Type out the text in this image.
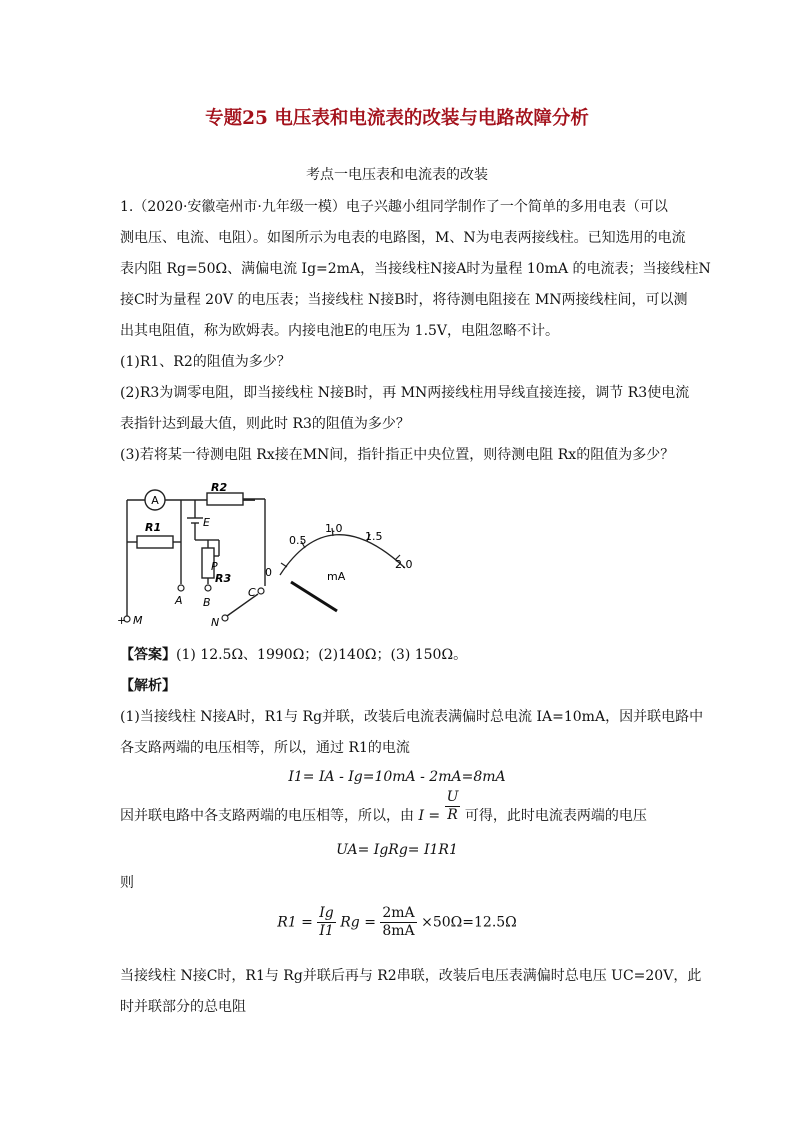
专题25 电压表和电流表的改装与电路故障分析
考点一电压表和电流表的改装
1.（2020·安徽亳州市·九年级一模）电子兴趣小组同学制作了一个简单的多用电表（可以
测电压、电流、电阻）。如图所示为电表的电路图，M、N为电表两接线柱。已知选用的电流
表内阻 Rg=50Ω、满偏电流 Ig=2mA，当接线柱N接A时为量程 10mA 的电流表；当接线柱N
接C时为量程 20V 的电压表；当接线柱 N接B时，将待测电阻接在 MN两接线柱间，可以测
出其电阻值，称为欧姆表。内接电池E的电压为 1.5V，电阻忽略不计。
(1)R1、R2的阻值为多少？
(2)R3为调零电阻，即当接线柱 N接B时，再 MN两接线柱用导线直接连接，调节 R3使电流
表指针达到最大值，则此时 R3的阻值为多少？
(3)若将某一待测电阻 Rx接在MN间，指针指正中央位置，则待测电阻 Rx的阻值为多少？
A
R2
R1	E
P
R3
A B
C
M	N
+
0
0.5
1.0
1.5
2.0
mA
【答案】(1) 12.5Ω、1990Ω；(2)140Ω；(3) 150Ω。
【解析】
(1)当接线柱 N接A时，R1与 Rg并联，改装后电流表满偏时总电流 IA=10mA，因并联电路中
各支路两端的电压相等，所以，通过 R1的电流
I1= IA - Ig=10mA - 2mA=8mA
因并联电路中各支路两端的电压相等，所以，由 $I = \frac{U}{R}$ 可得，此时电流表两端的电压
UA= IgRg= I1R1
则
$R1 = \frac{Ig}{I1}$ $Rg = \frac{2mA}{8mA} \times 50\Omega=12.5\Omega$
当接线柱 N接C时，R1与 Rg并联后再与 R2串联，改装后电压表满偏时总电压 UC=20V，此
时并联部分的总电阻
